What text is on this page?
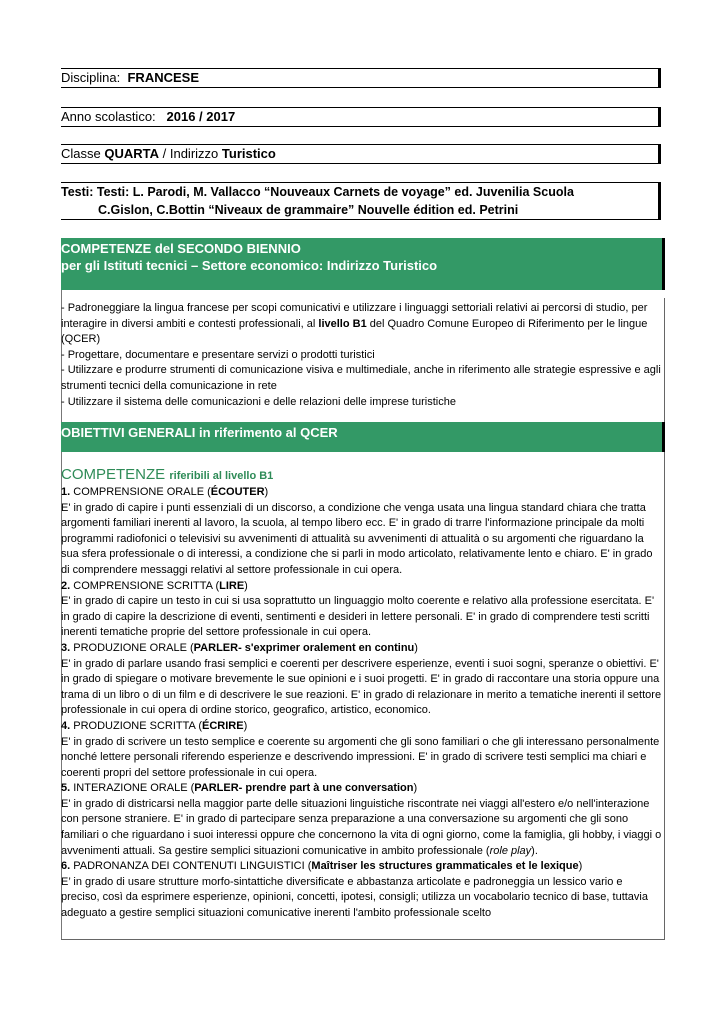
Disciplina: FRANCESE
Anno scolastico: 2016 / 2017
Classe QUARTA / Indirizzo Turistico
Testi: Testi: L. Parodi, M. Vallacco “Nouveaux Carnets de voyage” ed. Juvenilia Scuola
C.Gislon, C.Bottin “Niveaux de grammaire” Nouvelle édition ed. Petrini
COMPETENZE del SECONDO BIENNIO
per gli Istituti tecnici – Settore economico: Indirizzo Turistico

- Padroneggiare la lingua francese per scopi comunicativi e utilizzare i linguaggi settoriali relativi ai percorsi di studio, per interagire in diversi ambiti e contesti professionali, al livello B1 del Quadro Comune Europeo di Riferimento per le lingue (QCER)

- Progettare, documentare e presentare servizi o prodotti turistici

- Utilizzare e produrre strumenti di comunicazione visiva e multimediale, anche in riferimento alle strategie espressive e agli strumenti tecnici della comunicazione in rete

- Utilizzare il sistema delle comunicazioni e delle relazioni delle imprese turistiche

OBIETTIVI GENERALI in riferimento al QCER
COMPETENZE riferibili al livello B1

1. COMPRENSIONE ORALE (ÉCOUTER)

E' in grado di capire i punti essenziali di un discorso, a condizione che venga usata una lingua standard chiara che tratta argomenti familiari inerenti al lavoro, la scuola, al tempo libero ecc. E' in grado di trarre l'informazione principale da molti programmi radiofonici o televisivi su avvenimenti di attualità su avvenimenti di attualità o su argomenti che riguardano la sua sfera professionale o di interessi, a condizione che si parli in modo articolato, relativamente lento e chiaro. E' in grado di comprendere messaggi relativi al settore professionale in cui opera.

2. COMPRENSIONE SCRITTA (LIRE)

E' in grado di capire un testo in cui si usa soprattutto un linguaggio molto coerente e relativo alla professione esercitata. E' in grado di capire la descrizione di eventi, sentimenti e desideri in lettere personali. E' in grado di comprendere testi scritti inerenti tematiche proprie del settore professionale in cui opera.

3. PRODUZIONE ORALE (PARLER- s'exprimer oralement en continu)

E' in grado di parlare usando frasi semplici e coerenti per descrivere esperienze, eventi i suoi sogni, speranze o obiettivi. E' in grado di spiegare o motivare brevemente le sue opinioni e i suoi progetti. E' in grado di raccontare una storia oppure una trama di un libro o di un film e di descrivere le sue reazioni. E' in grado di relazionare in merito a tematiche inerenti il settore professionale in cui opera di ordine storico, geografico, artistico, economico.

4. PRODUZIONE SCRITTA (ÉCRIRE)

E' in grado di scrivere un testo semplice e coerente su argomenti che gli sono familiari o che gli interessano personalmente nonché lettere personali riferendo esperienze e descrivendo impressioni. E' in grado di scrivere testi semplici ma chiari e coerenti propri del settore professionale in cui opera.

5. INTERAZIONE ORALE (PARLER- prendre part à une conversation)

E' in grado di districarsi nella maggior parte delle situazioni linguistiche riscontrate nei viaggi all'estero e/o nell'interazione con persone straniere. E' in grado di partecipare senza preparazione a una conversazione su argomenti che gli sono familiari o che riguardano i suoi interessi oppure che concernono la vita di ogni giorno, come la famiglia, gli hobby, i viaggi o avvenimenti attuali. Sa gestire semplici situazioni comunicative in ambito professionale (role play).

6. PADRONANZA DEI CONTENUTI LINGUISTICI (Maîtriser les structures grammaticales et le lexique)

E’ in grado di usare strutture morfo-sintattiche diversificate e abbastanza articolate e padroneggia un lessico vario e preciso, così da esprimere esperienze, opinioni, concetti, ipotesi, consigli; utilizza un vocabolario tecnico di base, tuttavia adeguato a gestire semplici situazioni comunicative inerenti l'ambito professionale scelto
